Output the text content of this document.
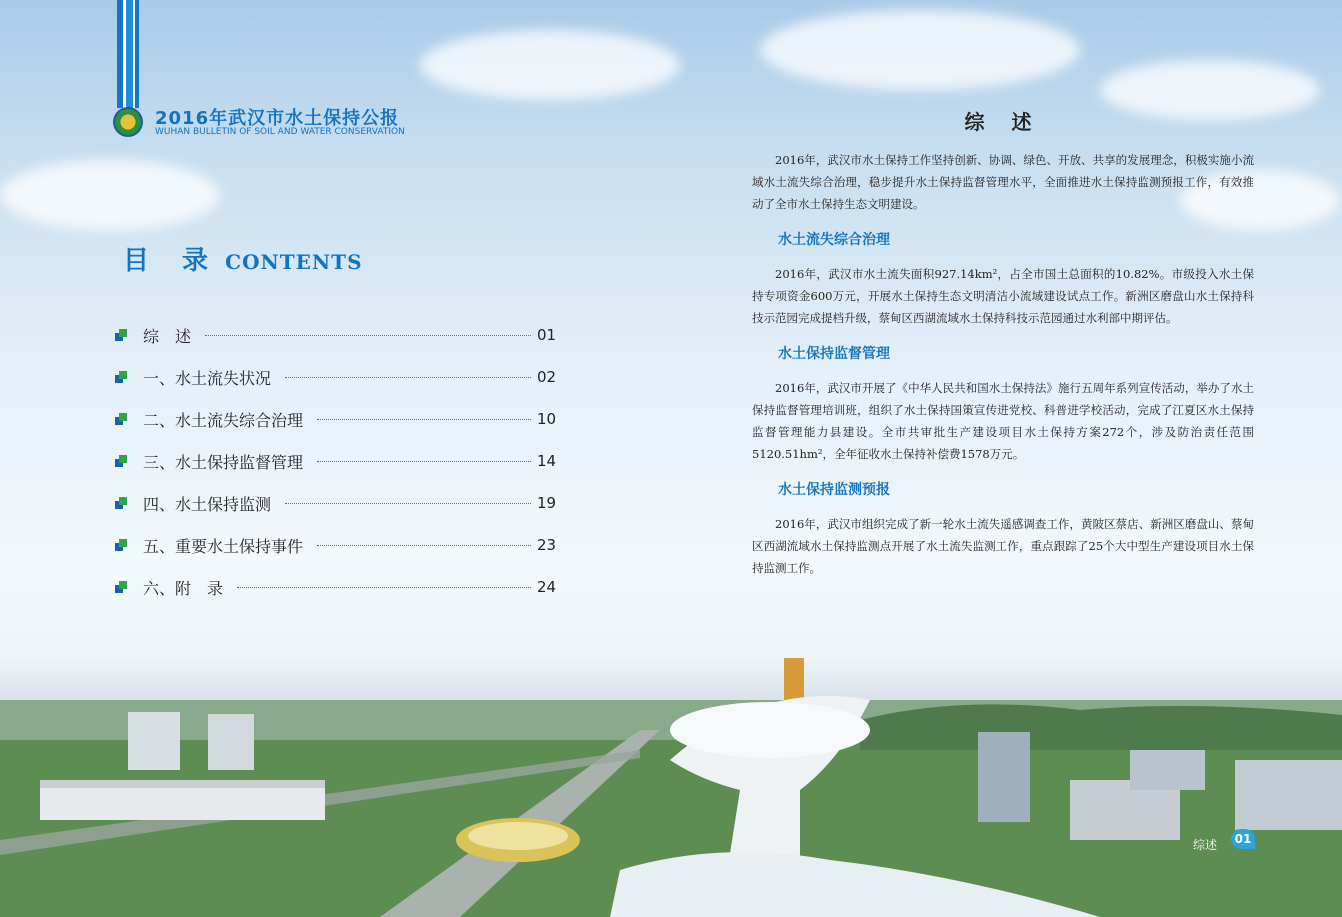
2016年武汉市水土保持公报
WUHAN BULLETIN OF SOIL AND WATER CONSERVATION
目 录 CONTENTS
综　述	01
一、水土流失状况	02
二、水土流失综合治理	10
三、水土保持监督管理	14
四、水土保持监测	19
五、重要水土保持事件	23
六、附　录	24
综 述

2016年，武汉市水土保持工作坚持创新、协调、绿色、开放、共享的发展理念，积极实施小流域水土流失综合治理，稳步提升水土保持监督管理水平，全面推进水土保持监测预报工作，有效推动了全市水土保持生态文明建设。

水土流失综合治理

2016年，武汉市水土流失面积927.14km²，占全市国土总面积的10.82%。市级投入水土保持专项资金600万元，开展水土保持生态文明清洁小流域建设试点工作。新洲区磨盘山水土保持科技示范园完成提档升级，蔡甸区西湖流域水土保持科技示范园通过水利部中期评估。

水土保持监督管理

2016年，武汉市开展了《中华人民共和国水土保持法》施行五周年系列宣传活动，举办了水土保持监督管理培训班，组织了水土保持国策宣传进党校、科普进学校活动，完成了江夏区水土保持监督管理能力县建设。全市共审批生产建设项目水土保持方案272个，涉及防治责任范围5120.51hm²，全年征收水土保持补偿费1578万元。

水土保持监测预报

2016年，武汉市组织完成了新一轮水土流失遥感调查工作，黄陂区蔡店、新洲区磨盘山、蔡甸区西湖流域水土保持监测点开展了水土流失监测工作，重点跟踪了25个大中型生产建设项目水土保持监测工作。

综述	01
